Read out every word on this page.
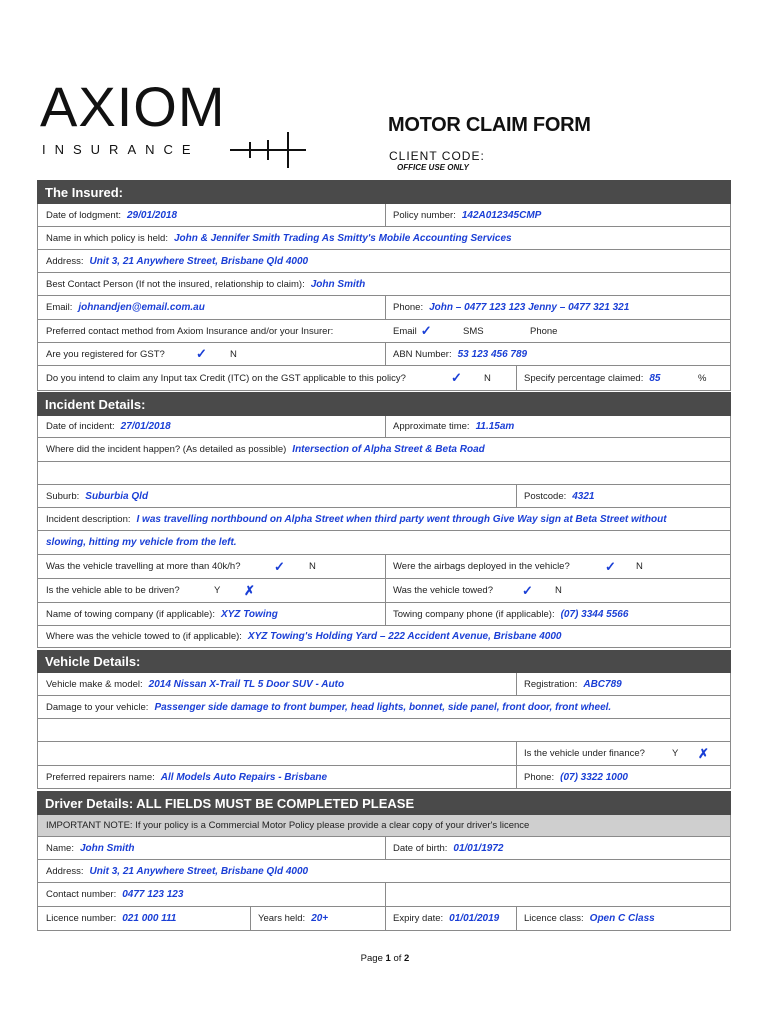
AXIOM
INSURANCE
MOTOR CLAIM FORM
CLIENT CODE:
OFFICE USE ONLY
The Insured:
Date of lodgment: 29/01/2018	Policy number: 142A012345CMP
Name in which policy is held: John & Jennifer Smith Trading As Smitty's Mobile Accounting Services
Address: Unit 3, 21 Anywhere Street, Brisbane Qld 4000
Best Contact Person (If not the insured, relationship to claim): John Smith
Email: johnandjen@email.com.au	Phone: John – 0477 123 123 Jenny – 0477 321 321
Preferred contact method from Axiom Insurance and/or your Insurer:	Email ✓	SMS	Phone
Are you registered for GST? ✓ N	ABN Number: 53 123 456 789
Do you intend to claim any Input tax Credit (ITC) on the GST applicable to this policy?	✓ N	Specify percentage claimed: 85	%
Incident Details:
Date of incident: 27/01/2018	Approximate time: 11.15am
Where did the incident happen? (As detailed as possible) Intersection of Alpha Street & Beta Road
Suburb: Suburbia Qld	Postcode: 4321
Incident description: I was travelling northbound on Alpha Street when third party went through Give Way sign at Beta Street without
slowing, hitting my vehicle from the left.
Was the vehicle travelling at more than 40k/h?	✓	N	Were the airbags deployed in the vehicle?	✓ N
Is the vehicle able to be driven?	Y ✗	Was the vehicle towed? ✓ N
Name of towing company (if applicable): XYZ Towing	Towing company phone (if applicable): (07) 3344 5566
Where was the vehicle towed to (if applicable): XYZ Towing's Holding Yard – 222 Accident Avenue, Brisbane 4000
Vehicle Details:
Vehicle make & model: 2014 Nissan X-Trail TL 5 Door SUV - Auto	Registration: ABC789
Damage to your vehicle: Passenger side damage to front bumper, head lights, bonnet, side panel, front door, front wheel.
Is the vehicle under finance?	Y ✗
Preferred repairers name: All Models Auto Repairs - Brisbane	Phone: (07) 3322 1000
Driver Details: ALL FIELDS MUST BE COMPLETED PLEASE
IMPORTANT NOTE: If your policy is a Commercial Motor Policy please provide a clear copy of your driver's licence
Name: John Smith	Date of birth: 01/01/1972
Address: Unit 3, 21 Anywhere Street, Brisbane Qld 4000
Contact number: 0477 123 123
Licence number: 021 000 111	Years held: 20+	Expiry date: 01/01/2019	Licence class: Open C Class
Page 1 of 2
